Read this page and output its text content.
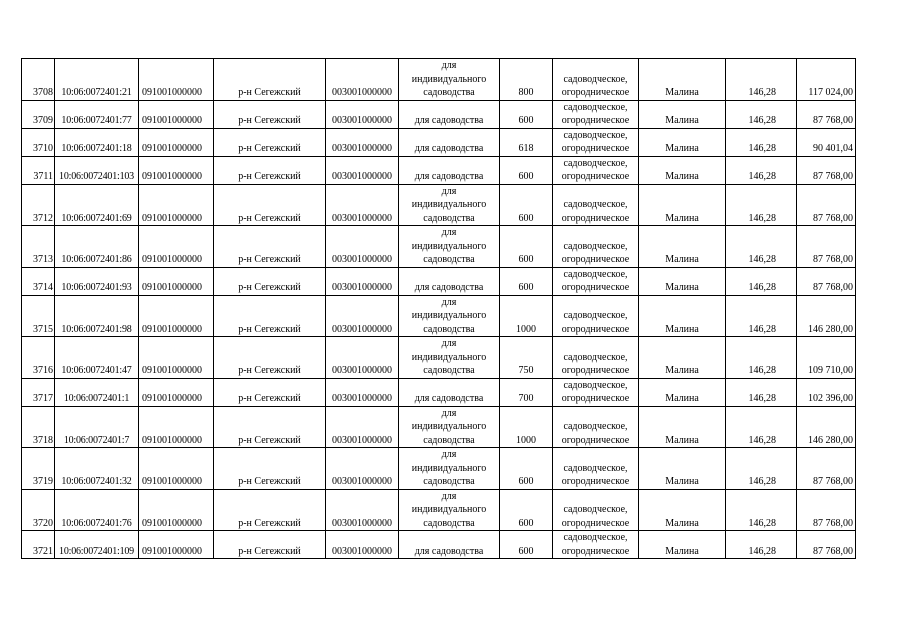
3708	10:06:0072401:21	091001000000	р-н Сегежский	003001000000	для
индивидуального
садоводства	800	садоводческое,
огородническое	Малина	146,28	117 024,00
3709	10:06:0072401:77	091001000000	р-н Сегежский	003001000000	для садоводства	600	садоводческое,
огородническое	Малина	146,28	87 768,00
3710	10:06:0072401:18	091001000000	р-н Сегежский	003001000000	для садоводства	618	садоводческое,
огородническое	Малина	146,28	90 401,04
3711	10:06:0072401:103	091001000000	р-н Сегежский	003001000000	для садоводства	600	садоводческое,
огородническое	Малина	146,28	87 768,00
3712	10:06:0072401:69	091001000000	р-н Сегежский	003001000000	для
индивидуального
садоводства	600	садоводческое,
огородническое	Малина	146,28	87 768,00
3713	10:06:0072401:86	091001000000	р-н Сегежский	003001000000	для
индивидуального
садоводства	600	садоводческое,
огородническое	Малина	146,28	87 768,00
3714	10:06:0072401:93	091001000000	р-н Сегежский	003001000000	для садоводства	600	садоводческое,
огородническое	Малина	146,28	87 768,00
3715	10:06:0072401:98	091001000000	р-н Сегежский	003001000000	для
индивидуального
садоводства	1000	садоводческое,
огородническое	Малина	146,28	146 280,00
3716	10:06:0072401:47	091001000000	р-н Сегежский	003001000000	для
индивидуального
садоводства	750	садоводческое,
огородническое	Малина	146,28	109 710,00
3717	10:06:0072401:1	091001000000	р-н Сегежский	003001000000	для садоводства	700	садоводческое,
огородническое	Малина	146,28	102 396,00
3718	10:06:0072401:7	091001000000	р-н Сегежский	003001000000	для
индивидуального
садоводства	1000	садоводческое,
огородническое	Малина	146,28	146 280,00
3719	10:06:0072401:32	091001000000	р-н Сегежский	003001000000	для
индивидуального
садоводства	600	садоводческое,
огородническое	Малина	146,28	87 768,00
3720	10:06:0072401:76	091001000000	р-н Сегежский	003001000000	для
индивидуального
садоводства	600	садоводческое,
огородническое	Малина	146,28	87 768,00
3721	10:06:0072401:109	091001000000	р-н Сегежский	003001000000	для садоводства	600	садоводческое,
огородническое	Малина	146,28	87 768,00
